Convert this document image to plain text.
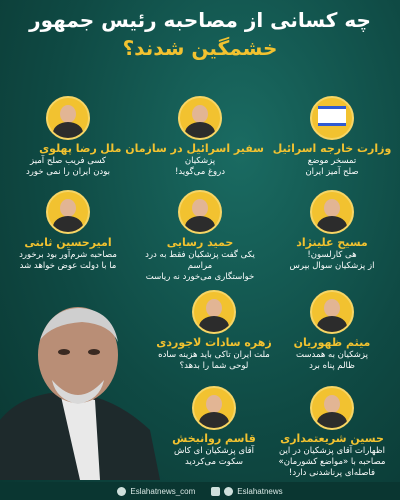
چه کسانی از مصاحبه رئیس جمهور
خشمگین شدند؟
وزارت خارجه اسرائیل
تمسخر موضع
صلح آمیز ایران
سفیر اسرائیل در سازمان ملل
پزشکیان
دروغ می‌گوید!
رضا پهلوی
کسی فریب صلح آمیز
بودن ایران را نمی خورد
مسیح علینژاد
هی کارلسون!
از پزشکیان سوال بپرس
حمید رسایی
یکی گفت پزشکیان فقط به درد مراسم
خواستگاری می‌خورد نه ریاست
امیرحسین ثابتی
مصاحبه شرم‌آور بود برخورد
ما با دولت عوض خواهد شد
میثم ظهوریان
پزشکیان به همدست
ظالم پناه برد
زهره سادات لاجوردی
ملت ایران تاکی باید هزینه ساده
لوحی شما را بدهد؟
حسین شریعتمداری
اظهارات آقای پزشکیان در این
مصاحبه با «مواضع کشورمان»
فاصله‌ای پرناشدنی دارد!
قاسم روانبخش
آقای پزشکیان ای کاش
سکوت می‌کردید
Eslahatnews_com	Eslahatnews
